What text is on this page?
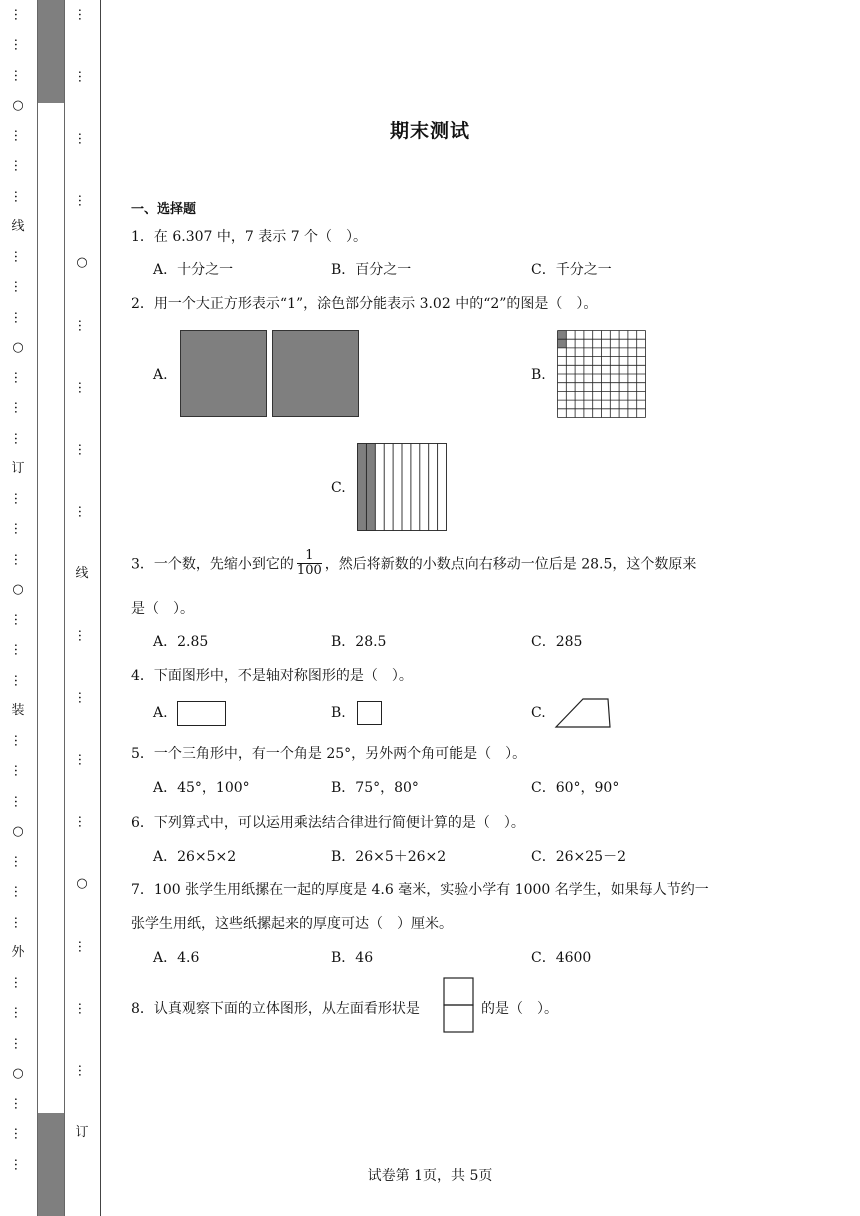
…
…
…
○
…
…
…
线
…
…
…
○
…
…
…
订
…
…
…
○
…
…
…
装
…
…
…
○
…
…
…
外
…
…
…
○
…
…
…
…
…
…
…
○
…
…
…
…
线
…
…
…
…
○
…
…
…
订
期末测试
一、选择题
1．在 6.307 中，7 表示 7 个（　）。
A．十分之一	B．百分之一	C．千分之一
2．用一个大正方形表示“1”，涂色部分能表示 3.02 中的“2”的图是（　）。
A.	B.
C.
3．一个数，先缩小到它的 $\frac{1}{100}$ ，然后将新数的小数点向右移动一位后是 28.5，这个数原来
是（　）。
A．2.85	B．28.5	C．285
4．下面图形中，不是轴对称图形的是（　）。
A.	B.	C.
5．一个三角形中，有一个角是 25°，另外两个角可能是（　）。
A．45°，100°	B．75°，80°	C．60°，90°
6．下列算式中，可以运用乘法结合律进行简便计算的是（　）。
A．26×5×2	B．26×5＋26×2	C．26×25－2
7．100 张学生用纸摞在一起的厚度是 4.6 毫米，实验小学有 1000 名学生，如果每人节约一
张学生用纸，这些纸摞起来的厚度可达（　）厘米。
A．4.6	B．46	C．4600
8．认真观察下面的立体图形，从左面看形状是	的是（　）。
试卷第 1页，共 5页
